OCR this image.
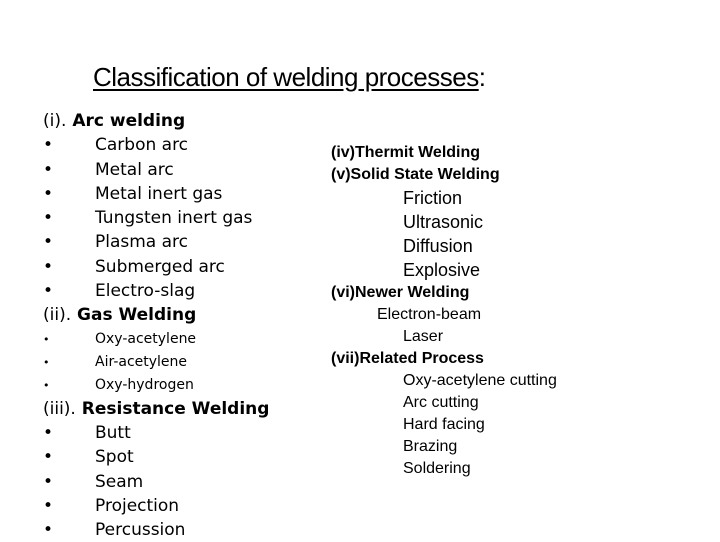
Classification of welding processes:
(i). Arc welding
• Carbon arc
• Metal arc
• Metal inert gas
• Tungsten inert gas
• Plasma arc
• Submerged arc
• Electro-slag
(ii). Gas Welding
•	Oxy-acetylene
•	Air-acetylene
•	Oxy-hydrogen
(iii). Resistance Welding
• Butt
• Spot
• Seam
• Projection
• Percussion
(iv)Thermit Welding
(v)Solid State Welding
Friction
Ultrasonic
Diffusion
Explosive
(vi)Newer Welding
Electron-beam
Laser
(vii)Related Process
Oxy-acetylene cutting
Arc cutting
Hard facing
Brazing
Soldering
